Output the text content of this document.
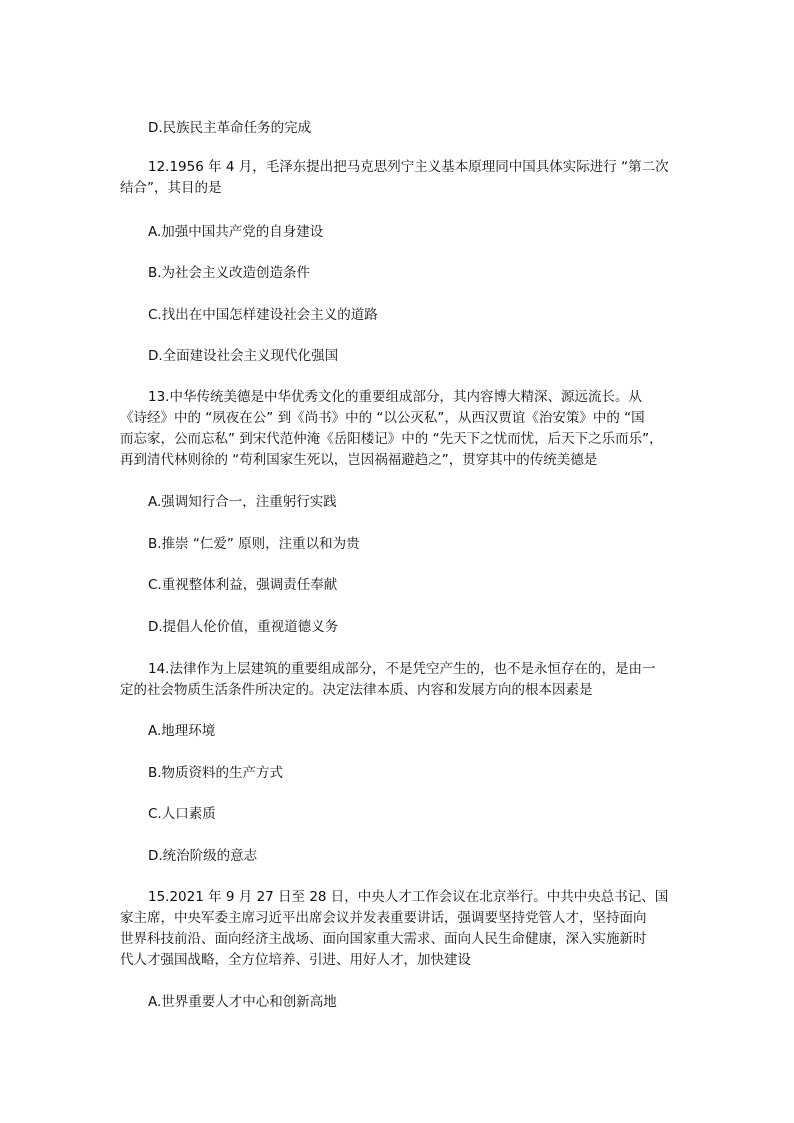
D.民族民主革命任务的完成
12.1956 年 4 月，毛泽东提出把马克思列宁主义基本原理同中国具体实际进行 “第二次
结合”，其目的是
A.加强中国共产党的自身建设
B.为社会主义改造创造条件
C.找出在中国怎样建设社会主义的道路
D.全面建设社会主义现代化强国
13.中华传统美德是中华优秀文化的重要组成部分，其内容博大精深、源远流长。从
《诗经》中的 “夙夜在公” 到《尚书》中的 “以公灭私”，从西汉贾谊《治安策》中的 “国
而忘家，公而忘私” 到宋代范仲淹《岳阳楼记》中的 “先天下之忧而忧，后天下之乐而乐”，
再到清代林则徐的 “苟利国家生死以，岂因祸福避趋之”，贯穿其中的传统美德是
A.强调知行合一，注重躬行实践
B.推崇 “仁爱” 原则，注重以和为贵
C.重视整体利益，强调责任奉献
D.提倡人伦价值，重视道德义务
14.法律作为上层建筑的重要组成部分，不是凭空产生的，也不是永恒存在的，是由一
定的社会物质生活条件所决定的。决定法律本质、内容和发展方向的根本因素是
A.地理环境
B.物质资料的生产方式
C.人口素质
D.统治阶级的意志
15.2021 年 9 月 27 日至 28 日，中央人才工作会议在北京举行。中共中央总书记、国
家主席，中央军委主席习近平出席会议并发表重要讲话，强调要坚持党管人才，坚持面向
世界科技前沿、面向经济主战场、面向国家重大需求、面向人民生命健康，深入实施新时
代人才强国战略，全方位培养、引进、用好人才，加快建设
A.世界重要人才中心和创新高地
